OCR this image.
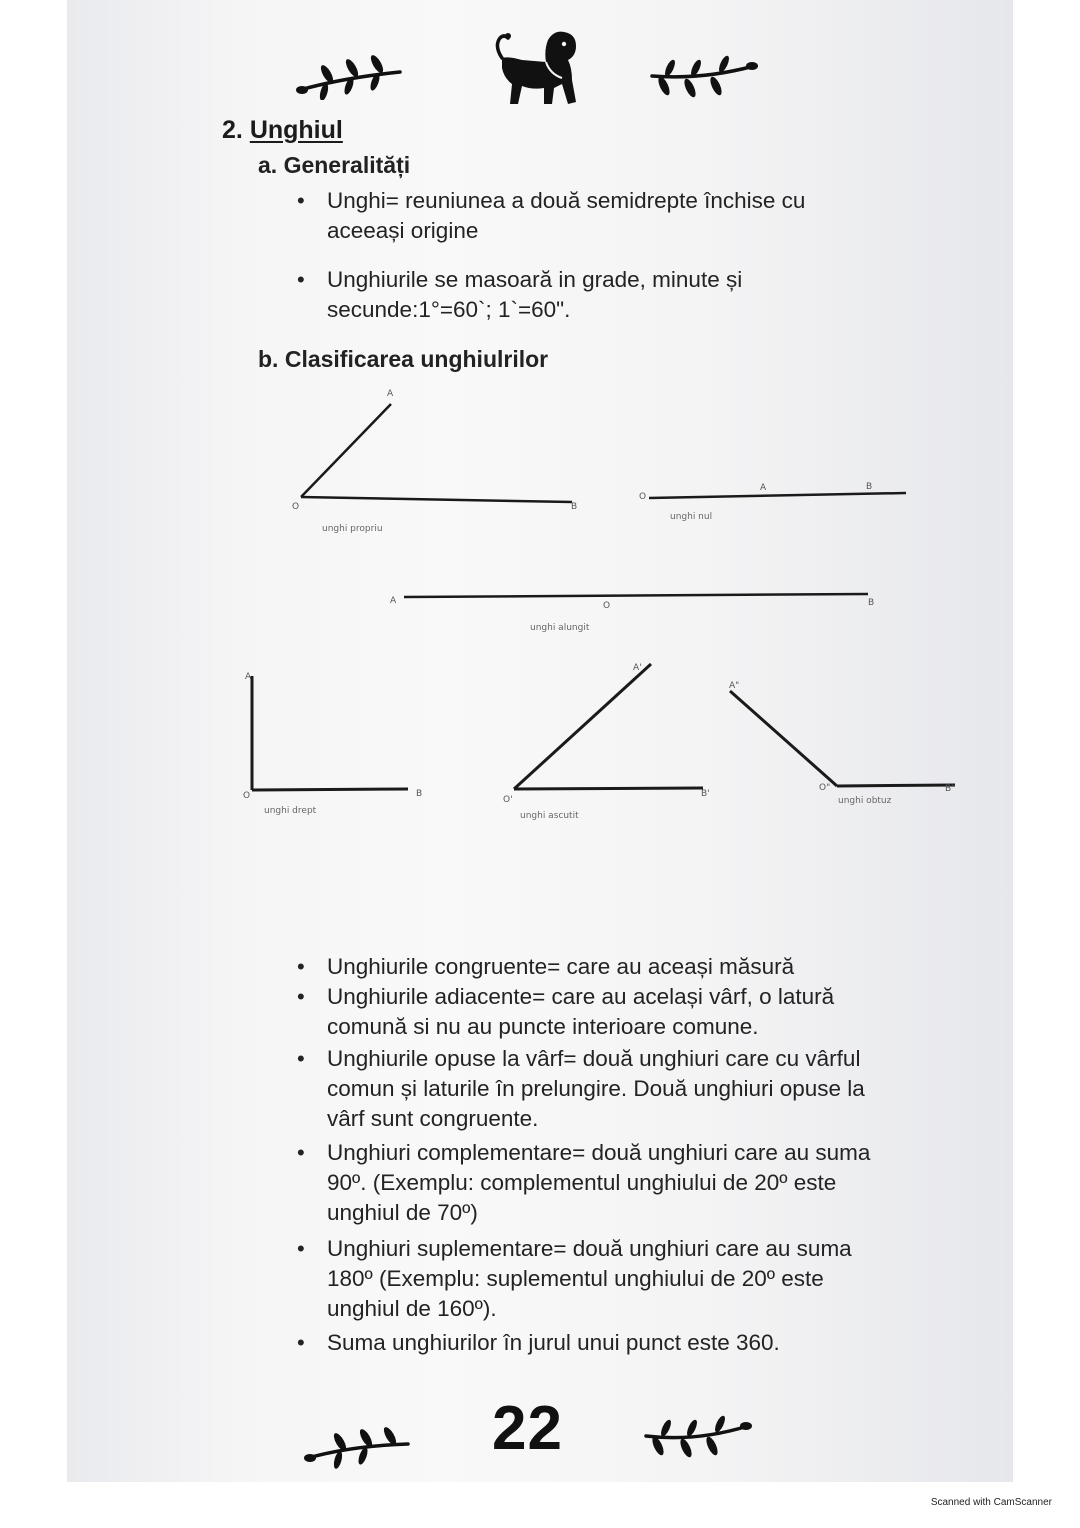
2. Unghiul
a. Generalități
• Unghi= reuniunea a două semidrepte închise cu
aceeași origine
• Unghiurile se masoară in grade, minute și
secunde:1°=60`; 1`=60".
b. Clasificarea unghiulrilor
A
O	B
unghi propriu
O
A	B
unghi nul
A	O	B
unghi alungit
A
O	B
unghi drept
A'
O'
B'
unghi ascutit
A"
O"	B"
unghi obtuz
• Unghiurile congruente= care au aceași măsură
• Unghiurile adiacente= care au același vârf, o latură
comună si nu au puncte interioare comune.
• Unghiurile opuse la vârf= două unghiuri care cu vârful
comun și laturile în prelungire. Două unghiuri opuse la
vârf sunt congruente.
• Unghiuri complementare= două unghiuri care au suma
90º. (Exemplu: complementul unghiului de 20º este
unghiul de 70º)
• Unghiuri suplementare= două unghiuri care au suma
180º (Exemplu: suplementul unghiului de 20º este
unghiul de 160º).
• Suma unghiurilor în jurul unui punct este 360.
22
Scanned with CamScanner
